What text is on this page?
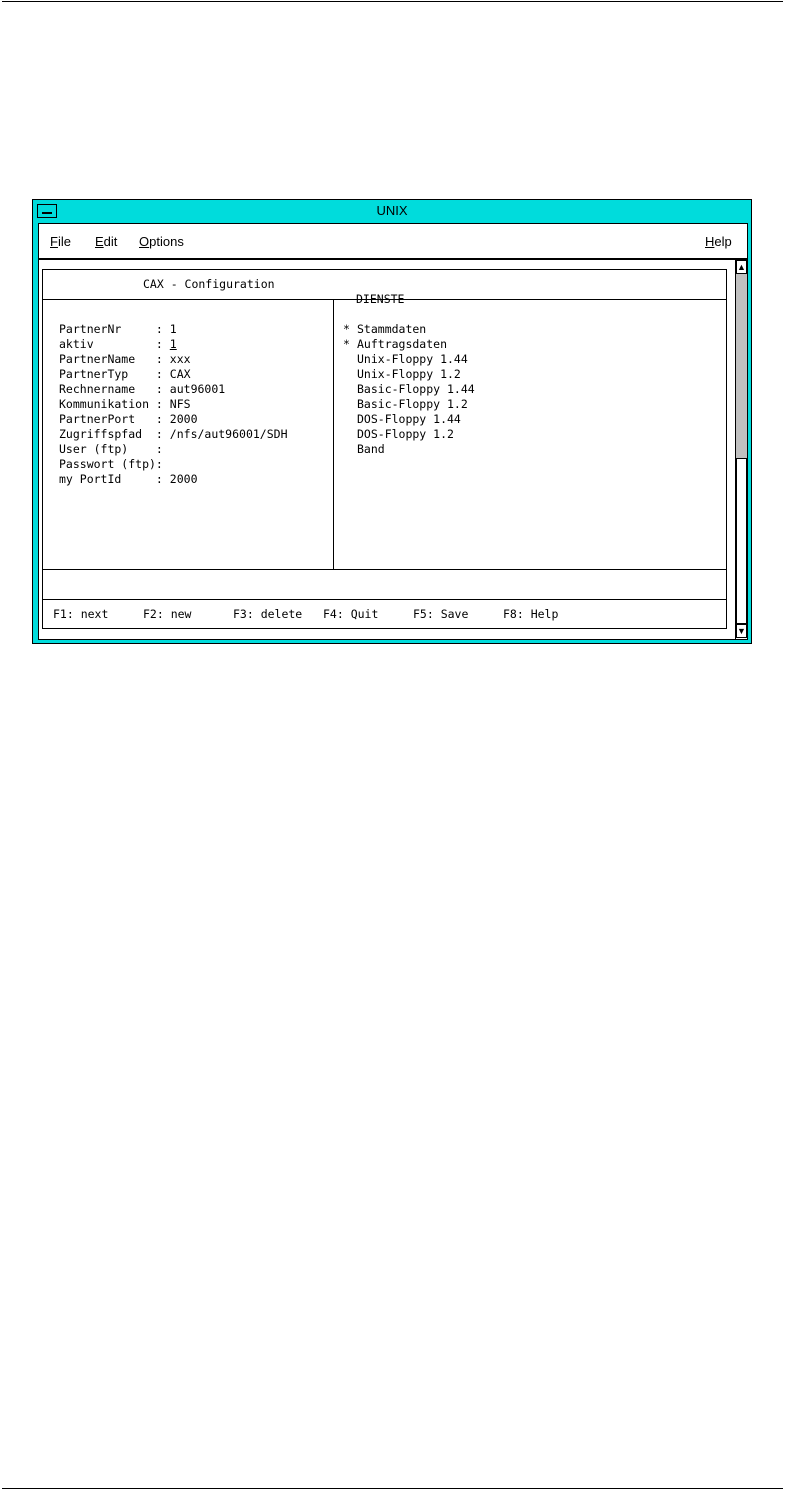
UNIX
File Edit Options	Help
CAX - Configuration
PartnerNr     : 1
aktiv         : 1
PartnerName   : xxx
PartnerTyp    : CAX
Rechnername   : aut96001
Kommunikation : NFS
PartnerPort   : 2000
Zugriffspfad  : /nfs/aut96001/SDH
User (ftp)    :
Passwort (ftp):
my PortId     : 2000
DIENSTE
* Stammdaten
* Auftragsdaten
Unix-Floppy 1.44
Unix-Floppy 1.2
Basic-Floppy 1.44
Basic-Floppy 1.2
DOS-Floppy 1.44
DOS-Floppy 1.2
Band
F1: next	F2: new	F3: delete F4: Quit	F5: Save	F8: Help
▲
▼
